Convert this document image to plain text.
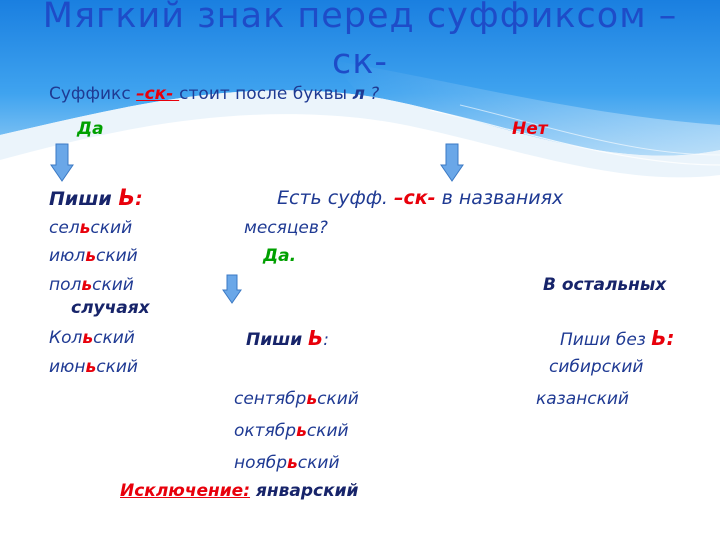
Мягкий знак перед суффиксом –
ск-
Суффикс –ск- стоит после буквы л ?
Да	Нет
Пиши Ь:	Есть суфф. –ск- в названиях
месяцев?
сельский
июльский	Да.
польский	В остальных
случаях
Кольский	Пиши Ь:	Пиши без Ь:
июньский	сибирский
сентябрьский	казанский
октябрьский
ноябрьский
Исключение: январский
